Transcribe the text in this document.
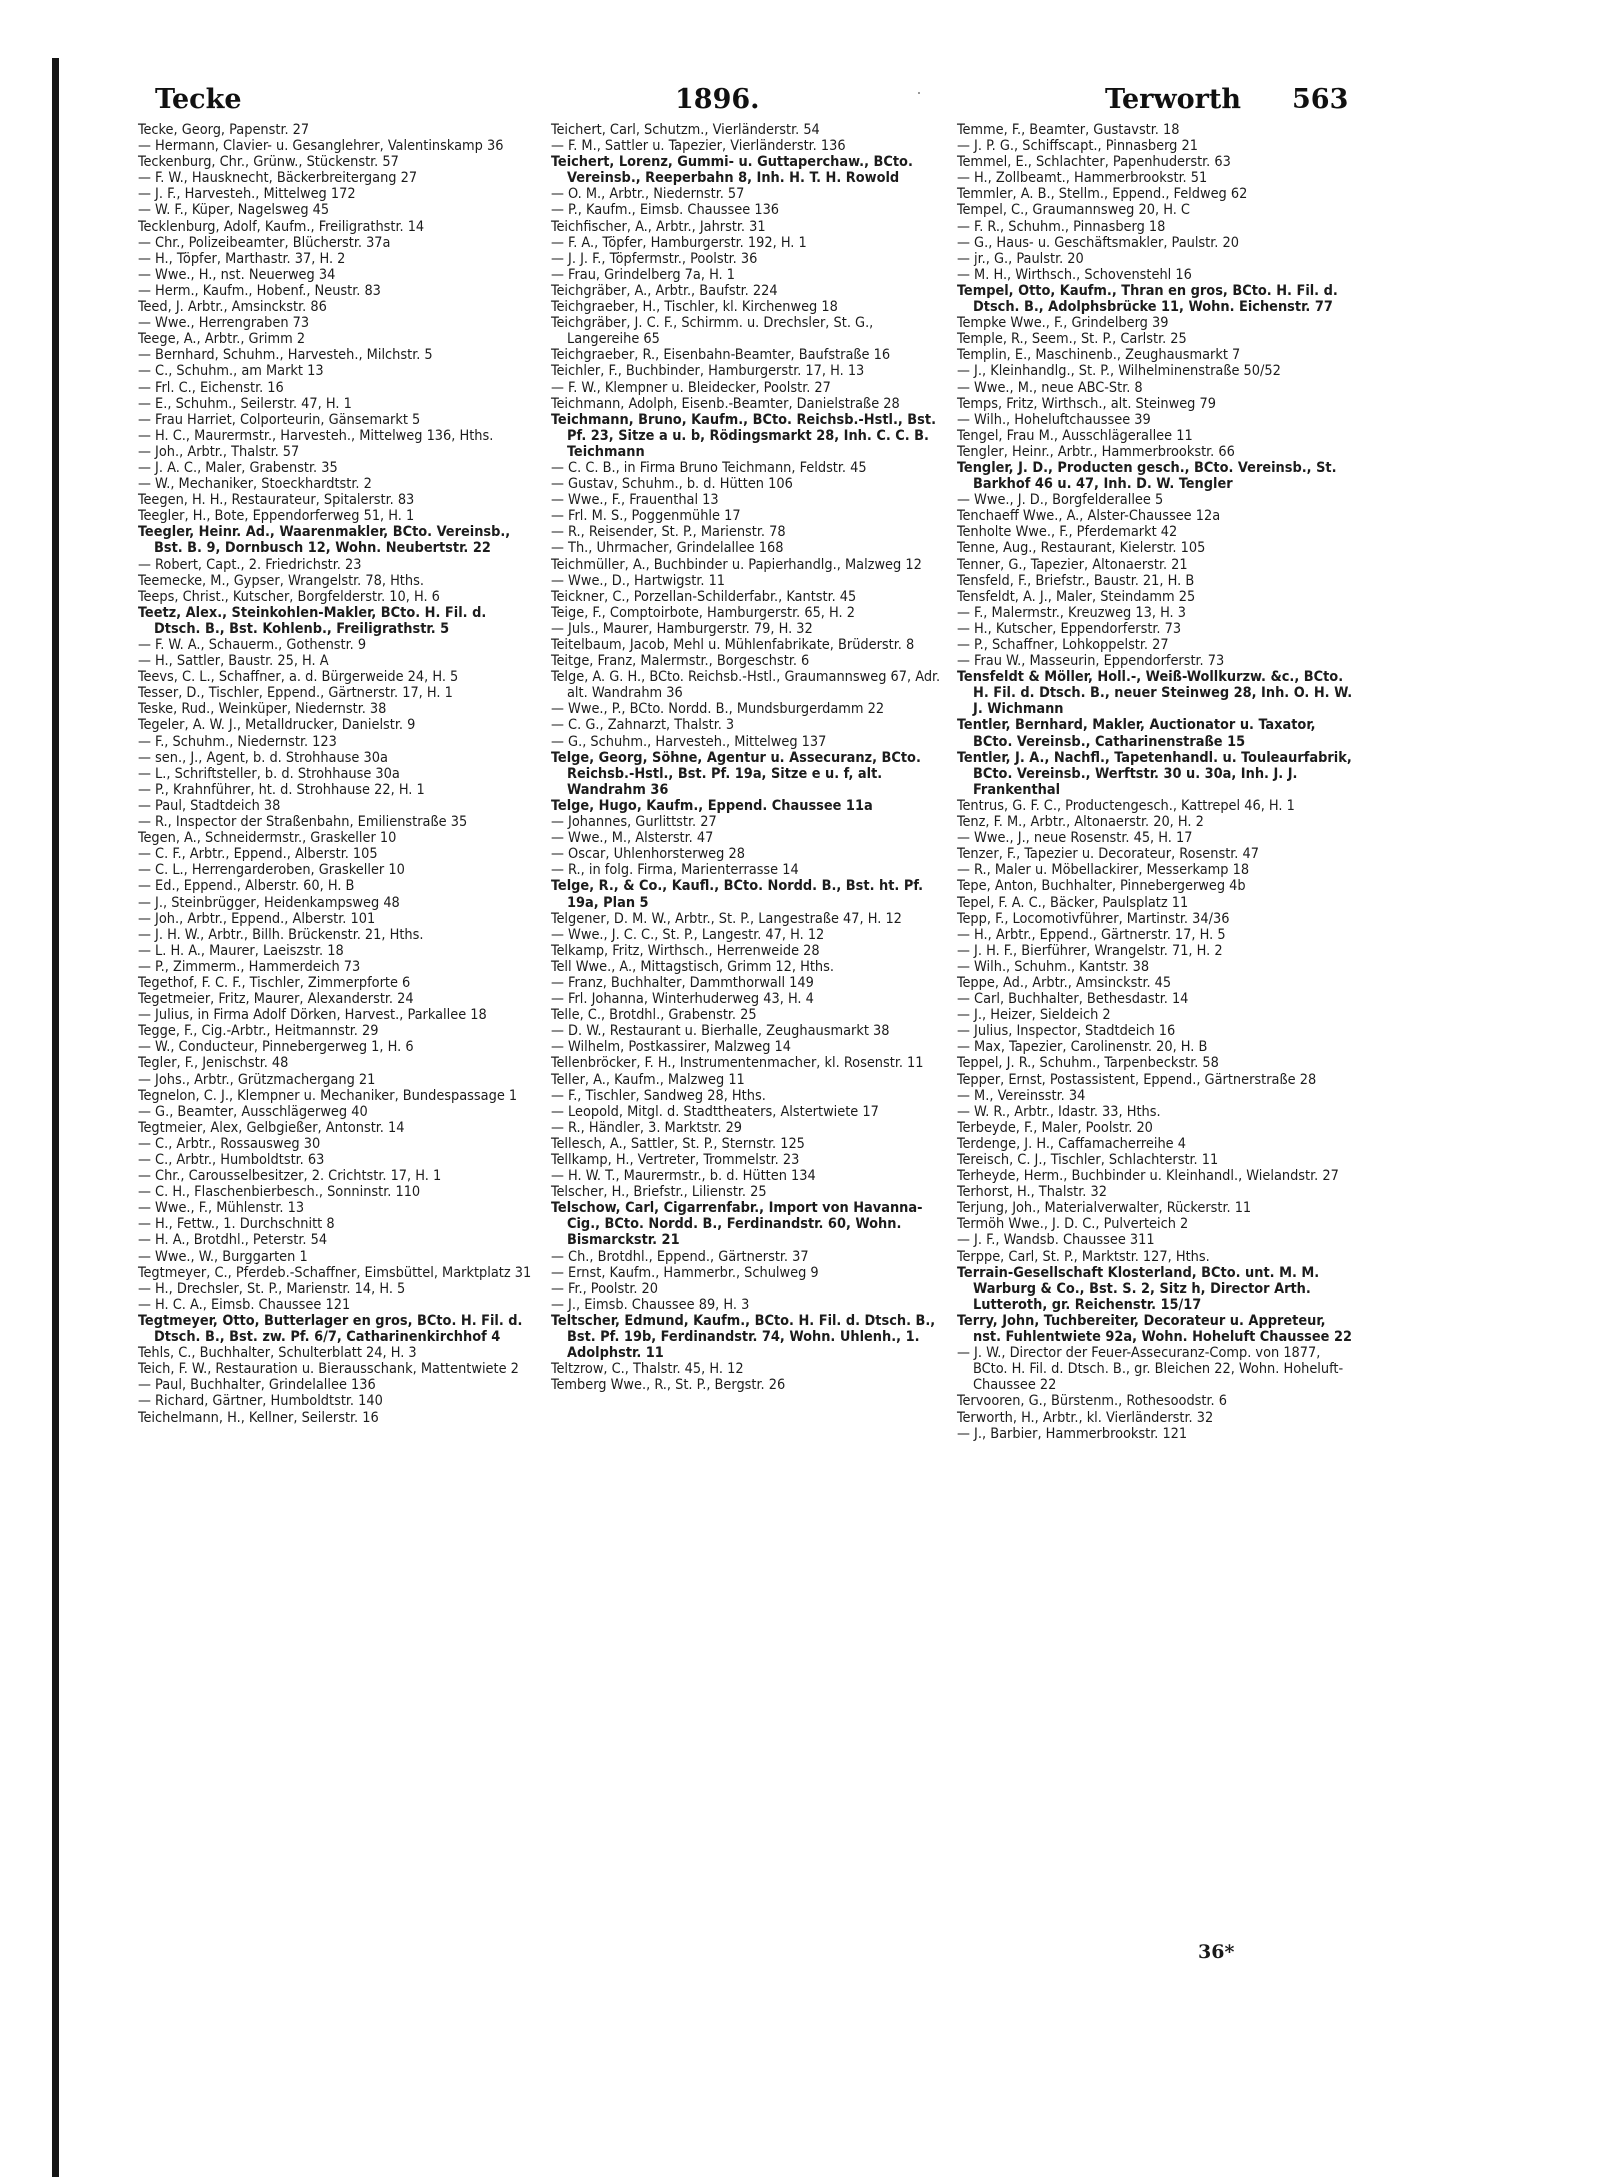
Tecke	1896.	Terworth 563

Tecke, Georg, Papenstr. 27

— Hermann, Clavier- u. Gesanglehrer, Valentinskamp 36

Teckenburg, Chr., Grünw., Stückenstr. 57

— F. W., Hausknecht, Bäckerbreitergang 27

— J. F., Harvesteh., Mittelweg 172

— W. F., Küper, Nagelsweg 45

Tecklenburg, Adolf, Kaufm., Freiligrathstr. 14

— Chr., Polizeibeamter, Blücherstr. 37a

— H., Töpfer, Marthastr. 37, H. 2

— Wwe., H., nst. Neuerweg 34

— Herm., Kaufm., Hobenf., Neustr. 83

Teed, J. Arbtr., Amsinckstr. 86

— Wwe., Herrengraben 73

Teege, A., Arbtr., Grimm 2

— Bernhard, Schuhm., Harvesteh., Milchstr. 5

— C., Schuhm., am Markt 13

— Frl. C., Eichenstr. 16

— E., Schuhm., Seilerstr. 47, H. 1

— Frau Harriet, Colporteurin, Gänsemarkt 5

— H. C., Maurermstr., Harvesteh., Mittelweg 136, Hths.

— Joh., Arbtr., Thalstr. 57

— J. A. C., Maler, Grabenstr. 35

— W., Mechaniker, Stoeckhardtstr. 2

Teegen, H. H., Restaurateur, Spitalerstr. 83

Teegler, H., Bote, Eppendorferweg 51, H. 1

Teegler, Heinr. Ad., Waarenmakler, BCto. Vereinsb., Bst. B. 9, Dornbusch 12, Wohn. Neubertstr. 22

— Robert, Capt., 2. Friedrichstr. 23

Teemecke, M., Gypser, Wrangelstr. 78, Hths.

Teeps, Christ., Kutscher, Borgfelderstr. 10, H. 6

Teetz, Alex., Steinkohlen-Makler, BCto. H. Fil. d. Dtsch. B., Bst. Kohlenb., Freiligrathstr. 5

— F. W. A., Schauerm., Gothenstr. 9

— H., Sattler, Baustr. 25, H. A

Teevs, C. L., Schaffner, a. d. Bürgerweide 24, H. 5

Tesser, D., Tischler, Eppend., Gärtnerstr. 17, H. 1

Teske, Rud., Weinküper, Niedernstr. 38

Tegeler, A. W. J., Metalldrucker, Danielstr. 9

— F., Schuhm., Niedernstr. 123

— sen., J., Agent, b. d. Strohhause 30a

— L., Schriftsteller, b. d. Strohhause 30a

— P., Krahnführer, ht. d. Strohhause 22, H. 1

— Paul, Stadtdeich 38

— R., Inspector der Straßenbahn, Emilienstraße 35

Tegen, A., Schneidermstr., Graskeller 10

— C. F., Arbtr., Eppend., Alberstr. 105

— C. L., Herrengarderoben, Graskeller 10

— Ed., Eppend., Alberstr. 60, H. B

— J., Steinbrügger, Heidenkampsweg 48

— Joh., Arbtr., Eppend., Alberstr. 101

— J. H. W., Arbtr., Billh. Brückenstr. 21, Hths.

— L. H. A., Maurer, Laeiszstr. 18

— P., Zimmerm., Hammerdeich 73

Tegethof, F. C. F., Tischler, Zimmerpforte 6

Tegetmeier, Fritz, Maurer, Alexanderstr. 24

— Julius, in Firma Adolf Dörken, Harvest., Parkallee 18

Tegge, F., Cig.-Arbtr., Heitmannstr. 29

— W., Conducteur, Pinnebergerweg 1, H. 6

Tegler, F., Jenischstr. 48

— Johs., Arbtr., Grützmachergang 21

Tegnelon, C. J., Klempner u. Mechaniker, Bundespassage 1

— G., Beamter, Ausschlägerweg 40

Tegtmeier, Alex, Gelbgießer, Antonstr. 14

— C., Arbtr., Rossausweg 30

— C., Arbtr., Humboldtstr. 63

— Chr., Carousselbesitzer, 2. Crichtstr. 17, H. 1

— C. H., Flaschenbierbesch., Sonninstr. 110

— Wwe., F., Mühlenstr. 13

— H., Fettw., 1. Durchschnitt 8

— H. A., Brotdhl., Peterstr. 54

— Wwe., W., Burggarten 1

Tegtmeyer, C., Pferdeb.-Schaffner, Eimsbüttel, Marktplatz 31

— H., Drechsler, St. P., Marienstr. 14, H. 5

— H. C. A., Eimsb. Chaussee 121

Tegtmeyer, Otto, Butterlager en gros, BCto. H. Fil. d. Dtsch. B., Bst. zw. Pf. 6/7, Catharinenkirchhof 4

Tehls, C., Buchhalter, Schulterblatt 24, H. 3

Teich, F. W., Restauration u. Bierausschank, Mattentwiete 2

— Paul, Buchhalter, Grindelallee 136

— Richard, Gärtner, Humboldtstr. 140

Teichelmann, H., Kellner, Seilerstr. 16

Teichert, Carl, Schutzm., Vierländerstr. 54

— F. M., Sattler u. Tapezier, Vierländerstr. 136

Teichert, Lorenz, Gummi- u. Guttaperchaw., BCto. Vereinsb., Reeperbahn 8, Inh. H. T. H. Rowold

— O. M., Arbtr., Niedernstr. 57

— P., Kaufm., Eimsb. Chaussee 136

Teichfischer, A., Arbtr., Jahrstr. 31

— F. A., Töpfer, Hamburgerstr. 192, H. 1

— J. J. F., Töpfermstr., Poolstr. 36

— Frau, Grindelberg 7a, H. 1

Teichgräber, A., Arbtr., Baufstr. 224

Teichgraeber, H., Tischler, kl. Kirchenweg 18

Teichgräber, J. C. F., Schirmm. u. Drechsler, St. G., Langereihe 65

Teichgraeber, R., Eisenbahn-Beamter, Baufstraße 16

Teichler, F., Buchbinder, Hamburgerstr. 17, H. 13

— F. W., Klempner u. Bleidecker, Poolstr. 27

Teichmann, Adolph, Eisenb.-Beamter, Danielstraße 28

Teichmann, Bruno, Kaufm., BCto. Reichsb.-Hstl., Bst. Pf. 23, Sitze a u. b, Rödingsmarkt 28, Inh. C. C. B. Teichmann

— C. C. B., in Firma Bruno Teichmann, Feldstr. 45

— Gustav, Schuhm., b. d. Hütten 106

— Wwe., F., Frauenthal 13

— Frl. M. S., Poggenmühle 17

— R., Reisender, St. P., Marienstr. 78

— Th., Uhrmacher, Grindelallee 168

Teichmüller, A., Buchbinder u. Papierhandlg., Malzweg 12

— Wwe., D., Hartwigstr. 11

Teickner, C., Porzellan-Schilderfabr., Kantstr. 45

Teige, F., Comptoirbote, Hamburgerstr. 65, H. 2

— Juls., Maurer, Hamburgerstr. 79, H. 32

Teitelbaum, Jacob, Mehl u. Mühlenfabrikate, Brüderstr. 8

Teitge, Franz, Malermstr., Borgeschstr. 6

Telge, A. G. H., BCto. Reichsb.-Hstl., Graumannsweg 67, Adr. alt. Wandrahm 36

— Wwe., P., BCto. Nordd. B., Mundsburgerdamm 22

— C. G., Zahnarzt, Thalstr. 3

— G., Schuhm., Harvesteh., Mittelweg 137

Telge, Georg, Söhne, Agentur u. Assecuranz, BCto. Reichsb.-Hstl., Bst. Pf. 19a, Sitze e u. f, alt. Wandrahm 36

Telge, Hugo, Kaufm., Eppend. Chaussee 11a

— Johannes, Gurlittstr. 27

— Wwe., M., Alsterstr. 47

— Oscar, Uhlenhorsterweg 28

— R., in folg. Firma, Marienterrasse 14

Telge, R., & Co., Kaufl., BCto. Nordd. B., Bst. ht. Pf. 19a, Plan 5

Telgener, D. M. W., Arbtr., St. P., Langestraße 47, H. 12

— Wwe., J. C. C., St. P., Langestr. 47, H. 12

Telkamp, Fritz, Wirthsch., Herrenweide 28

Tell Wwe., A., Mittagstisch, Grimm 12, Hths.

— Franz, Buchhalter, Dammthorwall 149

— Frl. Johanna, Winterhuderweg 43, H. 4

Telle, C., Brotdhl., Grabenstr. 25

— D. W., Restaurant u. Bierhalle, Zeughausmarkt 38

— Wilhelm, Postkassirer, Malzweg 14

Tellenbröcker, F. H., Instrumentenmacher, kl. Rosenstr. 11

Teller, A., Kaufm., Malzweg 11

— F., Tischler, Sandweg 28, Hths.

— Leopold, Mitgl. d. Stadttheaters, Alstertwiete 17

— R., Händler, 3. Marktstr. 29

Tellesch, A., Sattler, St. P., Sternstr. 125

Tellkamp, H., Vertreter, Trommelstr. 23

— H. W. T., Maurermstr., b. d. Hütten 134

Telscher, H., Briefstr., Lilienstr. 25

Telschow, Carl, Cigarrenfabr., Import von Havanna-Cig., BCto. Nordd. B., Ferdinandstr. 60, Wohn. Bismarckstr. 21

— Ch., Brotdhl., Eppend., Gärtnerstr. 37

— Ernst, Kaufm., Hammerbr., Schulweg 9

— Fr., Poolstr. 20

— J., Eimsb. Chaussee 89, H. 3

Teltscher, Edmund, Kaufm., BCto. H. Fil. d. Dtsch. B., Bst. Pf. 19b, Ferdinandstr. 74, Wohn. Uhlenh., 1. Adolphstr. 11

Teltzrow, C., Thalstr. 45, H. 12

Temberg Wwe., R., St. P., Bergstr. 26

Temme, F., Beamter, Gustavstr. 18

— J. P. G., Schiffscapt., Pinnasberg 21

Temmel, E., Schlachter, Papenhuderstr. 63

— H., Zollbeamt., Hammerbrookstr. 51

Temmler, A. B., Stellm., Eppend., Feldweg 62

Tempel, C., Graumannsweg 20, H. C

— F. R., Schuhm., Pinnasberg 18

— G., Haus- u. Geschäftsmakler, Paulstr. 20

— jr., G., Paulstr. 20

— M. H., Wirthsch., Schovenstehl 16

Tempel, Otto, Kaufm., Thran en gros, BCto. H. Fil. d. Dtsch. B., Adolphsbrücke 11, Wohn. Eichenstr. 77

Tempke Wwe., F., Grindelberg 39

Temple, R., Seem., St. P., Carlstr. 25

Templin, E., Maschinenb., Zeughausmarkt 7

— J., Kleinhandlg., St. P., Wilhelminenstraße 50/52

— Wwe., M., neue ABC-Str. 8

Temps, Fritz, Wirthsch., alt. Steinweg 79

— Wilh., Hoheluftchaussee 39

Tengel, Frau M., Ausschlägerallee 11

Tengler, Heinr., Arbtr., Hammerbrookstr. 66

Tengler, J. D., Producten gesch., BCto. Vereinsb., St. Barkhof 46 u. 47, Inh. D. W. Tengler

— Wwe., J. D., Borgfelderallee 5

Tenchaeff Wwe., A., Alster-Chaussee 12a

Tenholte Wwe., F., Pferdemarkt 42

Tenne, Aug., Restaurant, Kielerstr. 105

Tenner, G., Tapezier, Altonaerstr. 21

Tensfeld, F., Briefstr., Baustr. 21, H. B

Tensfeldt, A. J., Maler, Steindamm 25

— F., Malermstr., Kreuzweg 13, H. 3

— H., Kutscher, Eppendorferstr. 73

— P., Schaffner, Lohkoppelstr. 27

— Frau W., Masseurin, Eppendorferstr. 73

Tensfeldt & Möller, Holl.-, Weiß-Wollkurzw. &c., BCto. H. Fil. d. Dtsch. B., neuer Steinweg 28, Inh. O. H. W. J. Wichmann

Tentler, Bernhard, Makler, Auctionator u. Taxator, BCto. Vereinsb., Catharinenstraße 15

Tentler, J. A., Nachfl., Tapetenhandl. u. Touleaurfabrik, BCto. Vereinsb., Werftstr. 30 u. 30a, Inh. J. J. Frankenthal

Tentrus, G. F. C., Productengesch., Kattrepel 46, H. 1

Tenz, F. M., Arbtr., Altonaerstr. 20, H. 2

— Wwe., J., neue Rosenstr. 45, H. 17

Tenzer, F., Tapezier u. Decorateur, Rosenstr. 47

— R., Maler u. Möbellackirer, Messerkamp 18

Tepe, Anton, Buchhalter, Pinnebergerweg 4b

Tepel, F. A. C., Bäcker, Paulsplatz 11

Tepp, F., Locomotivführer, Martinstr. 34/36

— H., Arbtr., Eppend., Gärtnerstr. 17, H. 5

— J. H. F., Bierführer, Wrangelstr. 71, H. 2

— Wilh., Schuhm., Kantstr. 38

Teppe, Ad., Arbtr., Amsinckstr. 45

— Carl, Buchhalter, Bethesdastr. 14

— J., Heizer, Sieldeich 2

— Julius, Inspector, Stadtdeich 16

— Max, Tapezier, Carolinenstr. 20, H. B

Teppel, J. R., Schuhm., Tarpenbeckstr. 58

Tepper, Ernst, Postassistent, Eppend., Gärtnerstraße 28

— M., Vereinsstr. 34

— W. R., Arbtr., Idastr. 33, Hths.

Terbeyde, F., Maler, Poolstr. 20

Terdenge, J. H., Caffamacherreihe 4

Tereisch, C. J., Tischler, Schlachterstr. 11

Terheyde, Herm., Buchbinder u. Kleinhandl., Wielandstr. 27

Terhorst, H., Thalstr. 32

Terjung, Joh., Materialverwalter, Rückerstr. 11

Termöh Wwe., J. D. C., Pulverteich 2

— J. F., Wandsb. Chaussee 311

Terppe, Carl, St. P., Marktstr. 127, Hths.

Terrain-Gesellschaft Klosterland, BCto. unt. M. M. Warburg & Co., Bst. S. 2, Sitz h, Director Arth. Lutteroth, gr. Reichenstr. 15/17

Terry, John, Tuchbereiter, Decorateur u. Appreteur, nst. Fuhlentwiete 92a, Wohn. Hoheluft Chaussee 22

— J. W., Director der Feuer-Assecuranz-Comp. von 1877, BCto. H. Fil. d. Dtsch. B., gr. Bleichen 22, Wohn. Hoheluft-Chaussee 22

Tervooren, G., Bürstenm., Rothesoodstr. 6

Terworth, H., Arbtr., kl. Vierländerstr. 32

— J., Barbier, Hammerbrookstr. 121

36*
